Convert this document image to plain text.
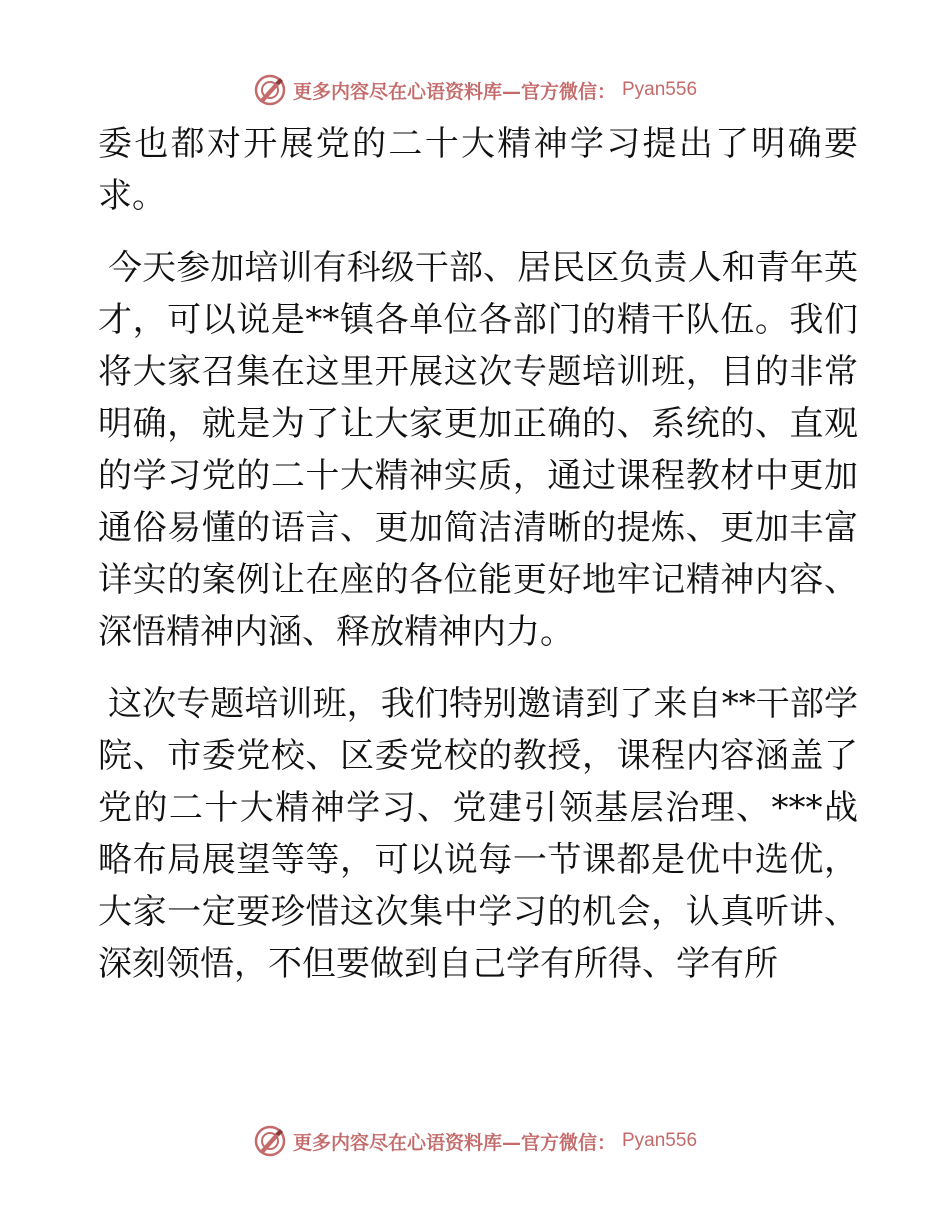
更多内容尽在心语资料库—官方微信： Pyan556

委也都对开展党的二十大精神学习提出了明确要求。

今天参加培训有科级干部、居民区负责人和青年英才，可以说是**镇各单位各部门的精干队伍。我们将大家召集在这里开展这次专题培训班，目的非常明确，就是为了让大家更加正确的、系统的、直观的学习党的二十大精神实质，通过课程教材中更加通俗易懂的语言、更加简洁清晰的提炼、更加丰富详实的案例让在座的各位能更好地牢记精神内容、深悟精神内涵、释放精神内力。

这次专题培训班，我们特别邀请到了来自**干部学院、市委党校、区委党校的教授，课程内容涵盖了党的二十大精神学习、党建引领基层治理、***战略布局展望等等，可以说每一节课都是优中选优，大家一定要珍惜这次集中学习的机会，认真听讲、深刻领悟，不但要做到自己学有所得、学有所

更多内容尽在心语资料库—官方微信： Pyan556
